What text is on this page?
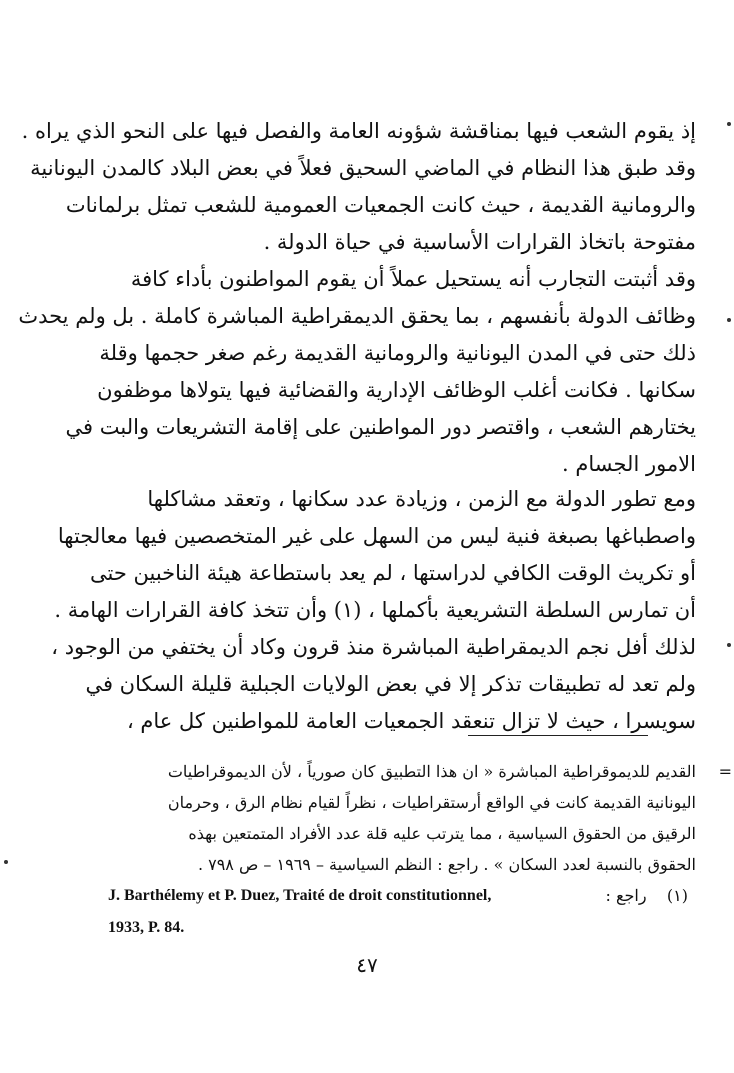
إذ يقوم الشعب فيها بمناقشة شؤونه العامة والفصل فيها على النحو الذي يراه .
وقد طبق هذا النظام في الماضي السحيق فعلاً في بعض البلاد كالمدن اليونانية
والرومانية القديمة ، حيث كانت الجمعيات العمومية للشعب تمثل برلمانات
مفتوحة باتخاذ القرارات الأساسية في حياة الدولة .
وقد أثبتت التجارب أنه يستحيل عملاً أن يقوم المواطنون بأداء كافة
وظائف الدولة بأنفسهم ، بما يحقق الديمقراطية المباشرة كاملة . بل ولم يحدث
ذلك حتى في المدن اليونانية والرومانية القديمة رغم صغر حجمها وقلة
سكانها . فكانت أغلب الوظائف الإدارية والقضائية فيها يتولاها موظفون
يختارهم الشعب ، واقتصر دور المواطنين على إقامة التشريعات والبت في
الامور الجسام .
ومع تطور الدولة مع الزمن ، وزيادة عدد سكانها ، وتعقد مشاكلها
واصطباغها بصبغة فنية ليس من السهل على غير المتخصصين فيها معالجتها
أو تكريث الوقت الكافي لدراستها ، لم يعد باستطاعة هيئة الناخبين حتى
أن تمارس السلطة التشريعية بأكملها ، (١) وأن تتخذ كافة القرارات الهامة .
لذلك أفل نجم الديمقراطية المباشرة منذ قرون وكاد أن يختفي من الوجود ،
ولم تعد له تطبيقات تذكر إلا في بعض الولايات الجبلية قليلة السكان في
سويسرا ، حيث لا تزال تنعقد الجمعيات العامة للمواطنين كل عام ،
=
القديم للديموقراطية المباشرة « ان هذا التطبيق كان صورياً ، لأن الديموقراطيات
اليونانية القديمة كانت في الواقع أرستقراطيات ، نظراً لقيام نظام الرق ، وحرمان
الرقيق من الحقوق السياسية ، مما يترتب عليه قلة عدد الأفراد المتمتعين بهذه
الحقوق بالنسبة لعدد السكان » . راجع : النظم السياسية – ١٩٦٩ – ص ٧٩٨ .
J. Barthélemy et P. Duez, Traité de droit constitutionnel,
1933, P. 84.
(١)    راجع :
٤٧
